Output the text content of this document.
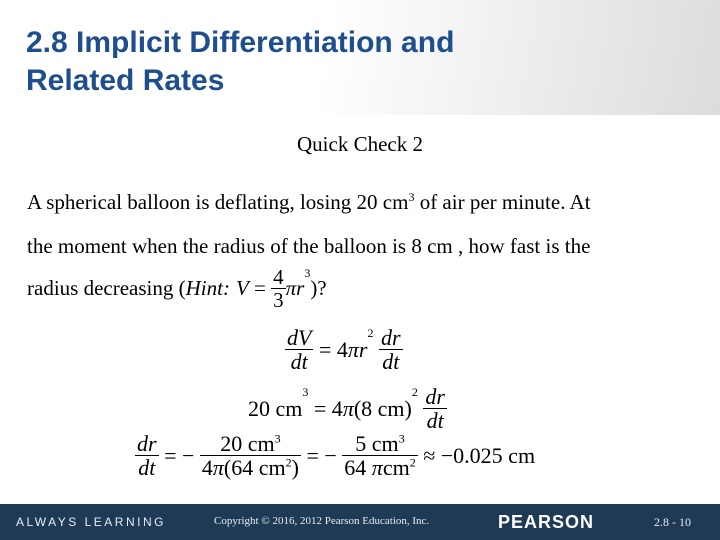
2.8 Implicit Differentiation and
Related Rates
Quick Check 2
A spherical balloon is deflating, losing 20 $cm^3$ of air per minute. At
the moment when the radius of the balloon is 8 cm , how fast is the
radius decreasing ( Hint: $V = \frac{4}{3}$ πr
$^3$
)?
$\frac{dV}{dt} = 4$ πr
$^2$
$\frac{dr}{dt}$
20 cm
3
= 4 π (8 cm)
$^2$
$\frac{dr}{dt}$
$\frac{dr}{dt}$ = − $\frac{20 cm^3}{4\pi(64 cm^2)}$ = − $\frac{5 cm^3}{64 \pi cm^2} \approx -0.025$ cm
ALWAYS LEARNING	Copyright © 2016, 2012 Pearson Education, Inc.	PEARSON	2.8 - 10
